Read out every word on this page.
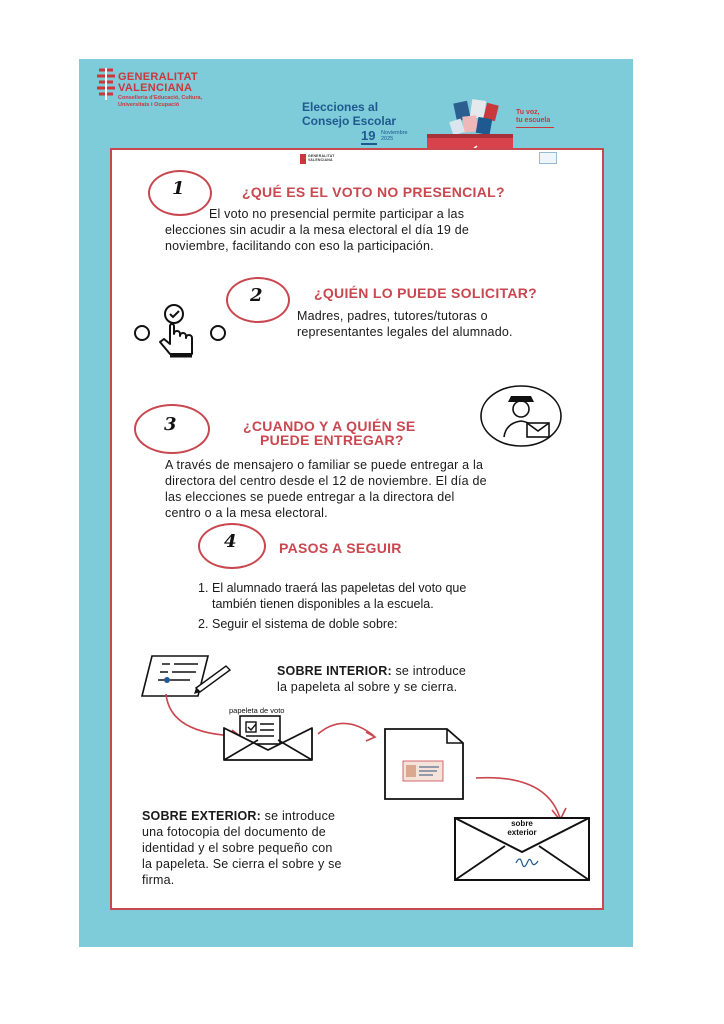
GENERALITAT
VALENCIANA
Conselleria d'Educació, Cultura, Universitats i Ocupació	Elecciones al
Consejo Escolar
19 Noviembre
2025
Tu voz,
tu escuela
GENERALITAT VALENCIANA
1	¿QUÉ ES EL VOTO NO PRESENCIAL?
El voto no presencial permite participar a las
elecciones sin acudir a la mesa electoral el día 19 de
noviembre, facilitando con eso la participación.
2	¿QUIÉN LO PUEDE SOLICITAR?
Madres, padres, tutores/tutoras o
representantes legales del alumnado.
3	¿CUANDO Y A QUIÉN SE
PUEDE ENTREGAR?
A través de mensajero o familiar se puede entregar a la
directora del centro desde el 12 de noviembre. El día de
las elecciones se puede entregar a la directora del
centro o a la mesa electoral.
4	PASOS A SEGUIR
1. El alumnado traerá las papeletas del voto que
también tienen disponibles a la escuela.
2. Seguir el sistema de doble sobre:
SOBRE INTERIOR: se introduce
la papeleta al sobre y se cierra.
papeleta de voto
SOBRE EXTERIOR: se introduce
una fotocopia del documento de
identidad y el sobre pequeño con
la papeleta. Se cierra el sobre y se
firma.
sobre
exterior
